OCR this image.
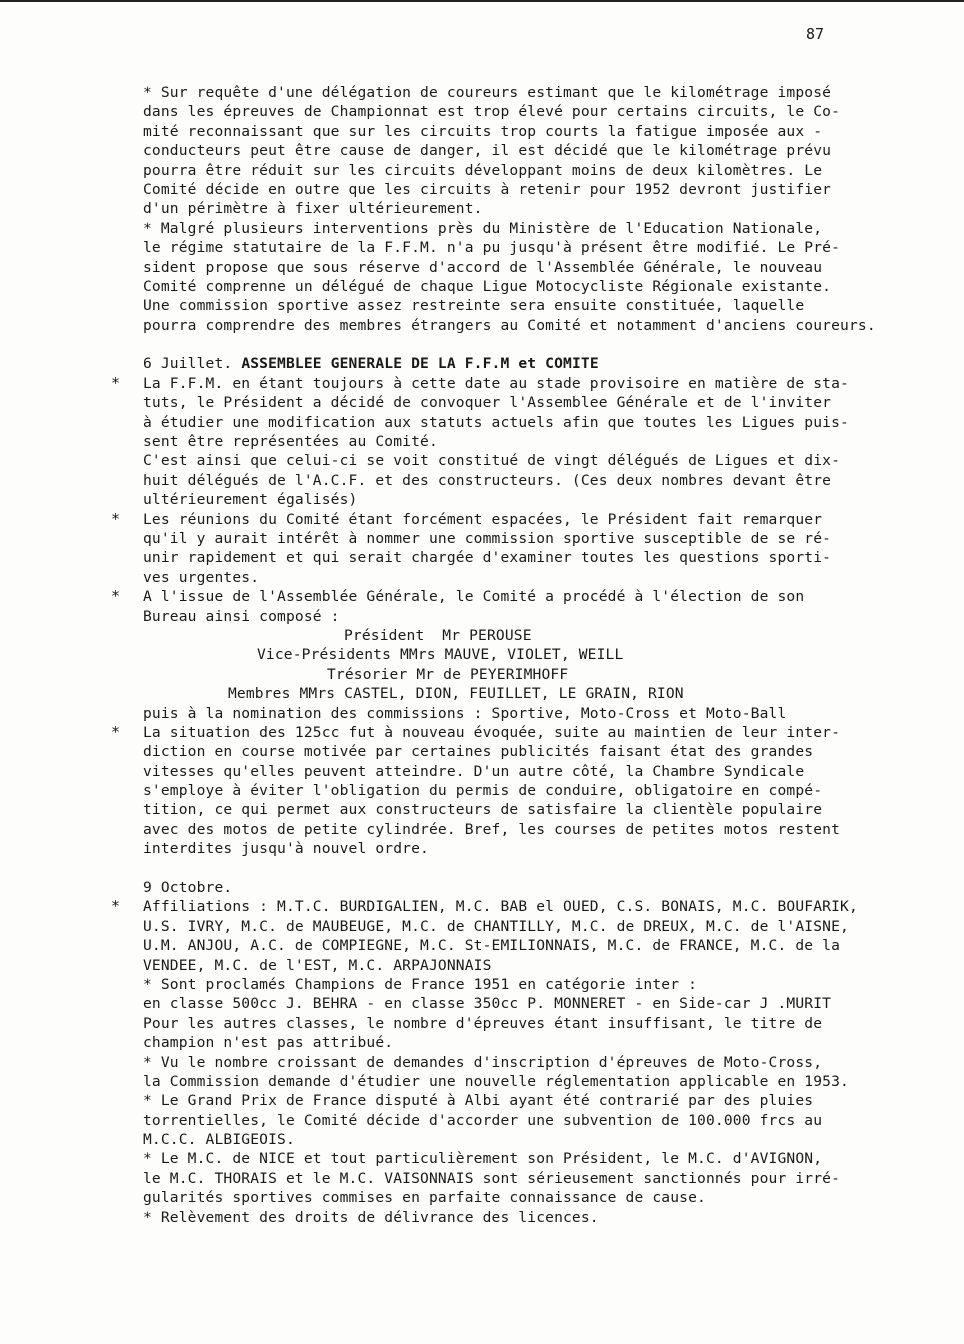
87
* Sur requête d'une délégation de coureurs estimant que le kilométrage imposé
dans les épreuves de Championnat est trop élevé pour certains circuits, le Co-
mité reconnaissant que sur les circuits trop courts la fatigue imposée aux -
conducteurs peut être cause de danger, il est décidé que le kilométrage prévu
pourra être réduit sur les circuits développant moins de deux kilomètres. Le
Comité décide en outre que les circuits à retenir pour 1952 devront justifier
d'un périmètre à fixer ultérieurement.
* Malgré plusieurs interventions près du Ministère de l'Education Nationale,
le régime statutaire de la F.F.M. n'a pu jusqu'à présent être modifié. Le Pré-
sident propose que sous réserve d'accord de l'Assemblée Générale, le nouveau
Comité comprenne un délégué de chaque Ligue Motocycliste Régionale existante.
Une commission sportive assez restreinte sera ensuite constituée, laquelle
pourra comprendre des membres étrangers au Comité et notamment d'anciens coureurs.
6 Juillet. ASSEMBLEE GENERALE DE LA F.F.M et COMITE
* La F.F.M. en étant toujours à cette date au stade provisoire en matière de sta-
tuts, le Président a décidé de convoquer l'Assemblee Générale et de l'inviter
à étudier une modification aux statuts actuels afin que toutes les Ligues puis-
sent être représentées au Comité.
C'est ainsi que celui-ci se voit constitué de vingt délégués de Ligues et dix-
huit délégués de l'A.C.F. et des constructeurs. (Ces deux nombres devant être
ultérieurement égalisés)
* Les réunions du Comité étant forcément espacées, le Président fait remarquer
qu'il y aurait intérêt à nommer une commission sportive susceptible de se ré-
unir rapidement et qui serait chargée d'examiner toutes les questions sporti-
ves urgentes.
* A l'issue de l'Assemblée Générale, le Comité a procédé à l'élection de son
Bureau ainsi composé :
Président  Mr PEROUSE
Vice-Présidents MMrs MAUVE, VIOLET, WEILL
Trésorier Mr de PEYERIMHOFF
Membres MMrs CASTEL, DION, FEUILLET, LE GRAIN, RION
puis à la nomination des commissions : Sportive, Moto-Cross et Moto-Ball
* La situation des 125cc fut à nouveau évoquée, suite au maintien de leur inter-
diction en course motivée par certaines publicités faisant état des grandes
vitesses qu'elles peuvent atteindre. D'un autre côté, la Chambre Syndicale
s'employe à éviter l'obligation du permis de conduire, obligatoire en compé-
tition, ce qui permet aux constructeurs de satisfaire la clientèle populaire
avec des motos de petite cylindrée. Bref, les courses de petites motos restent
interdites jusqu'à nouvel ordre.
9 Octobre.
* Affiliations : M.T.C. BURDIGALIEN, M.C. BAB el OUED, C.S. BONAIS, M.C. BOUFARIK,
U.S. IVRY, M.C. de MAUBEUGE, M.C. de CHANTILLY, M.C. de DREUX, M.C. de l'AISNE,
U.M. ANJOU, A.C. de COMPIEGNE, M.C. St-EMILIONNAIS, M.C. de FRANCE, M.C. de la
VENDEE, M.C. de l'EST, M.C. ARPAJONNAIS
* Sont proclamés Champions de France 1951 en catégorie inter :
en classe 500cc J. BEHRA - en classe 350cc P. MONNERET - en Side-car J .MURIT
Pour les autres classes, le nombre d'épreuves étant insuffisant, le titre de
champion n'est pas attribué.
* Vu le nombre croissant de demandes d'inscription d'épreuves de Moto-Cross,
la Commission demande d'étudier une nouvelle réglementation applicable en 1953.
* Le Grand Prix de France disputé à Albi ayant été contrarié par des pluies
torrentielles, le Comité décide d'accorder une subvention de 100.000 frcs au
M.C.C. ALBIGEOIS.
* Le M.C. de NICE et tout particulièrement son Président, le M.C. d'AVIGNON,
le M.C. THORAIS et le M.C. VAISONNAIS sont sérieusement sanctionnés pour irré-
gularités sportives commises en parfaite connaissance de cause.
* Relèvement des droits de délivrance des licences.
